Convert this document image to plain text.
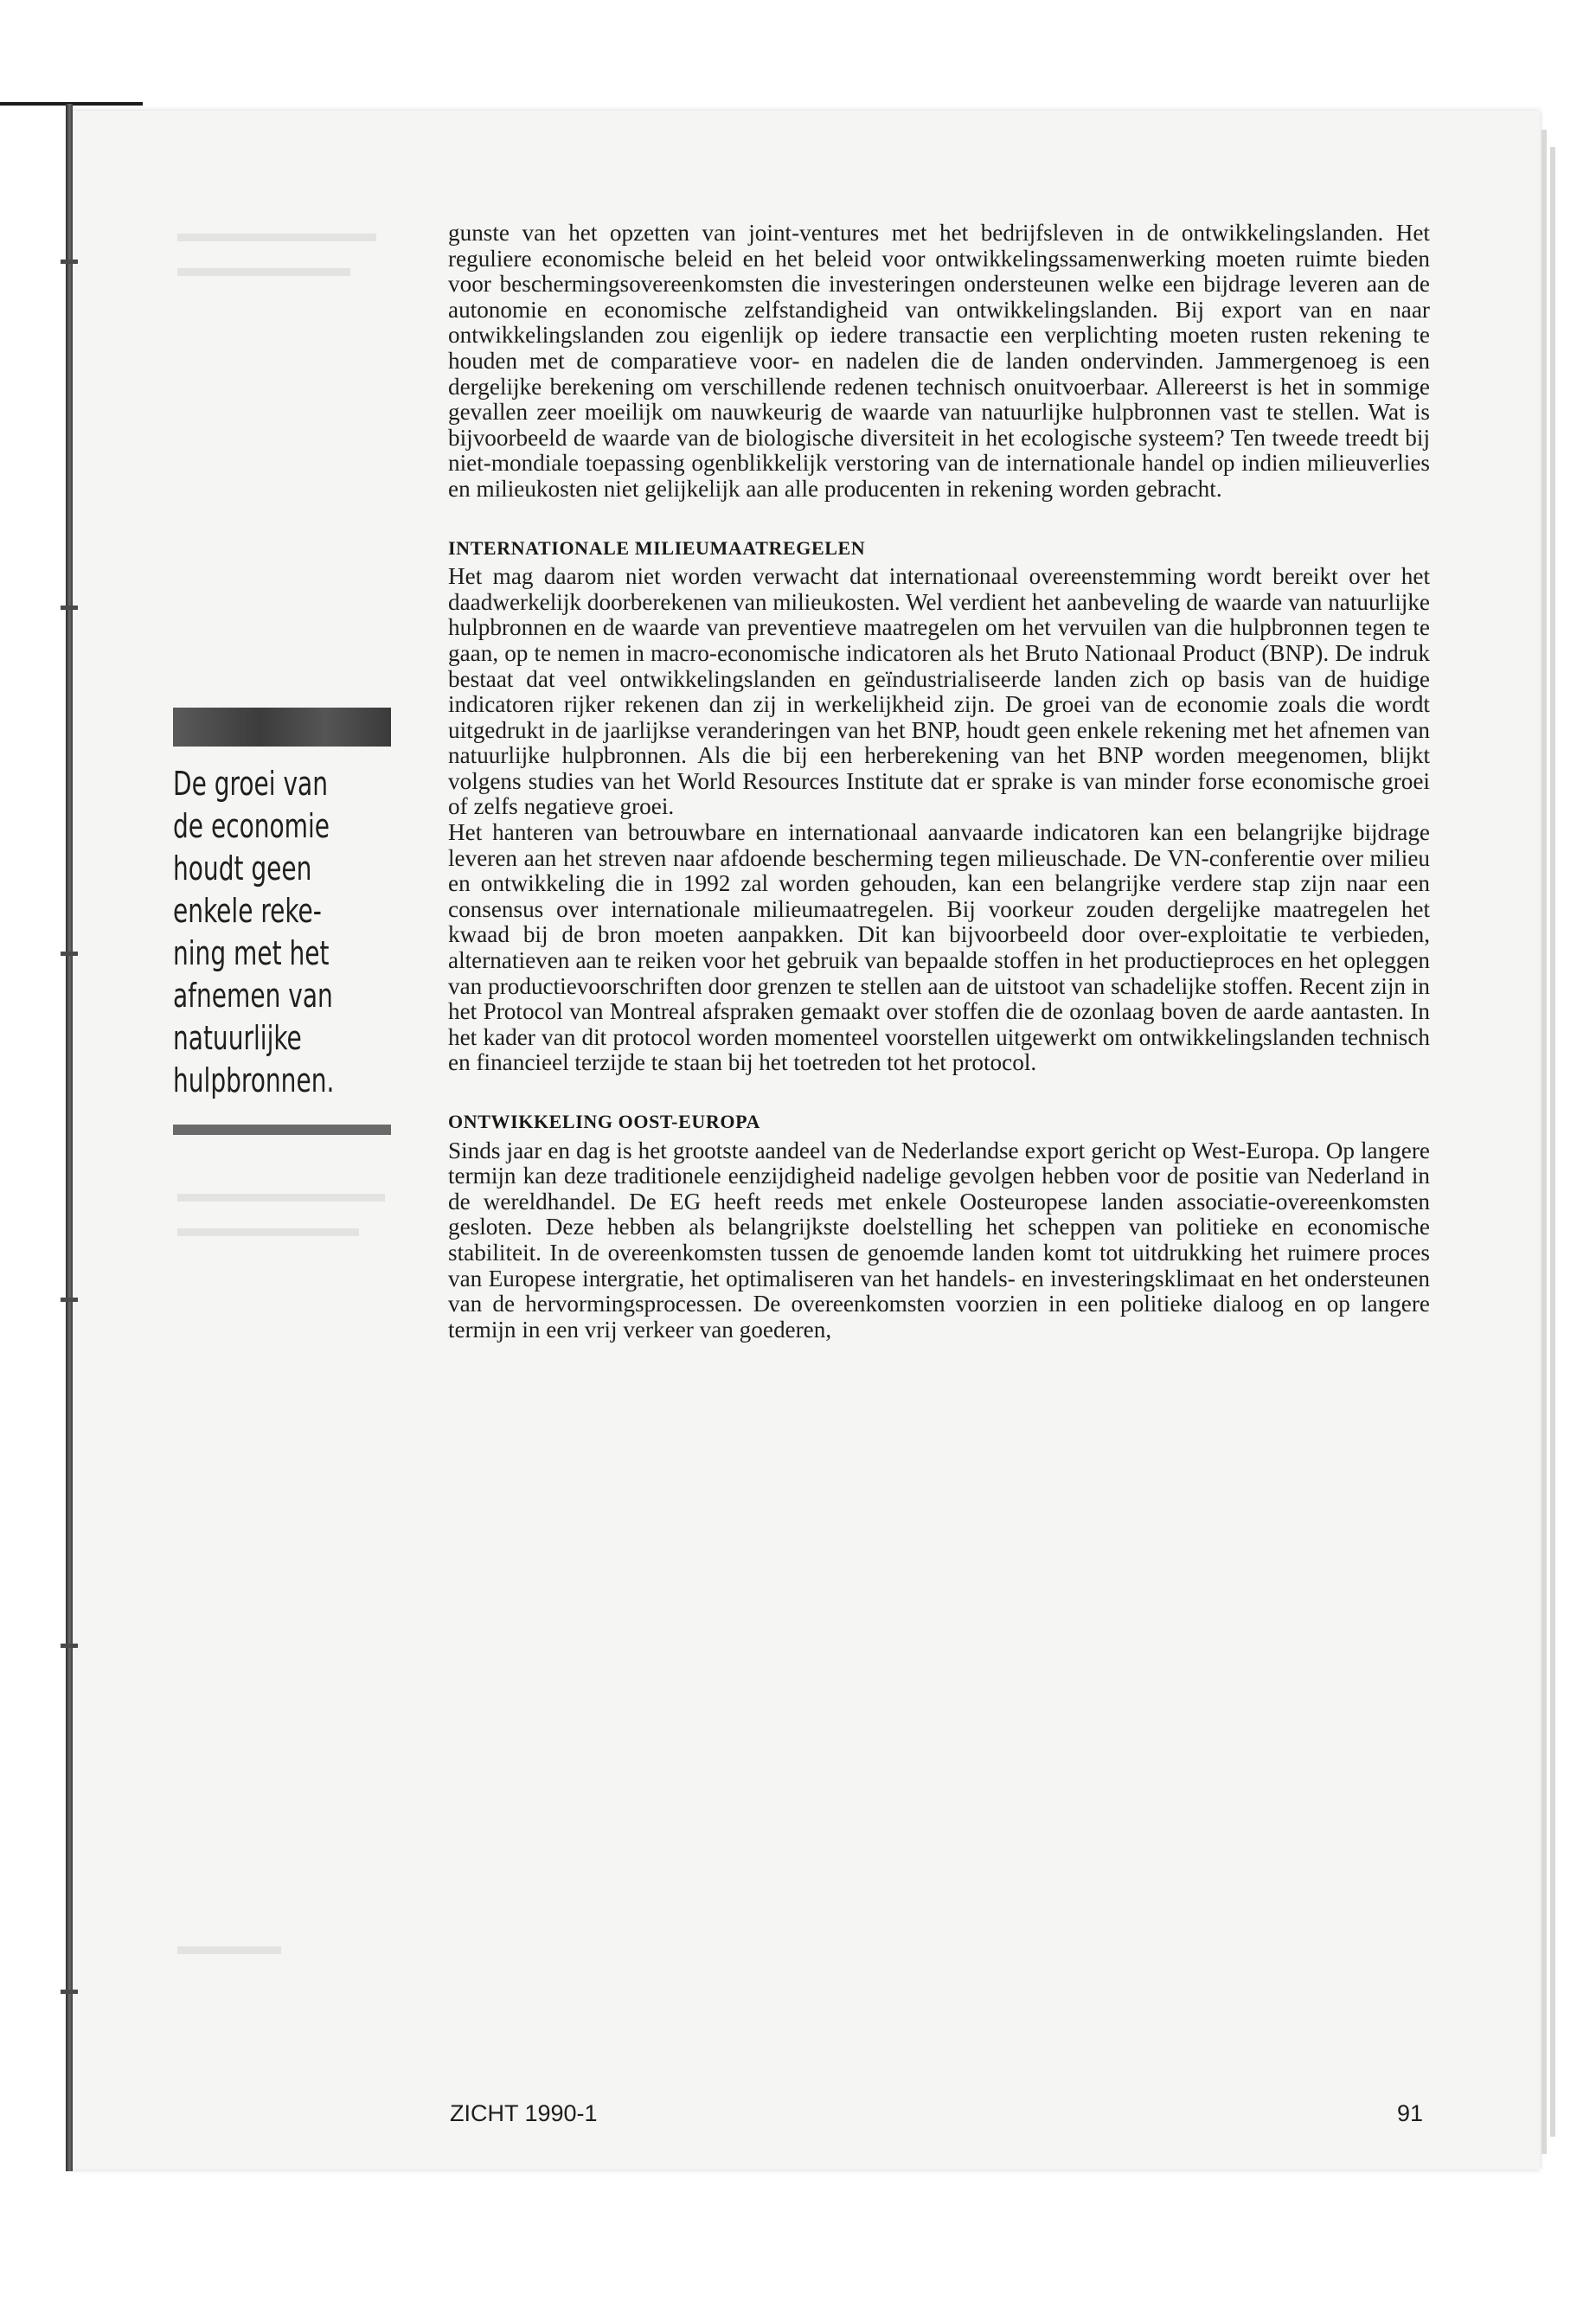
De groei van
de economie
houdt geen
enkele reke-
ning met het
afnemen van
natuurlijke
hulpbronnen.

gunste van het opzetten van joint-ventures met het bedrijfsleven in de ontwikkelingslanden. Het reguliere economische beleid en het beleid voor ontwikkelingssamenwerking moeten ruimte bieden voor beschermingsovereenkomsten die investeringen ondersteunen welke een bijdrage leveren aan de autonomie en economische zelfstandigheid van ontwikkelingslanden. Bij export van en naar ontwikkelingslanden zou eigenlijk op iedere transactie een verplichting moeten rusten rekening te houden met de comparatieve voor- en nadelen die de landen ondervinden. Jammergenoeg is een dergelijke berekening om verschillende redenen technisch onuitvoerbaar. Allereerst is het in sommige gevallen zeer moeilijk om nauwkeurig de waarde van natuurlijke hulpbronnen vast te stellen. Wat is bijvoorbeeld de waarde van de biologische diversiteit in het ecologische systeem? Ten tweede treedt bij niet-mondiale toepassing ogenblikkelijk verstoring van de internationale handel op indien milieuverlies en milieukosten niet gelijkelijk aan alle producenten in rekening worden gebracht.

INTERNATIONALE MILIEUMAATREGELEN

Het mag daarom niet worden verwacht dat internationaal overeenstemming wordt bereikt over het daadwerkelijk doorberekenen van milieukosten. Wel verdient het aanbeveling de waarde van natuurlijke hulpbronnen en de waarde van preventieve maatregelen om het vervuilen van die hulpbronnen tegen te gaan, op te nemen in macro-economische indicatoren als het Bruto Nationaal Product (BNP). De indruk bestaat dat veel ontwikkelingslanden en geïndustrialiseerde landen zich op basis van de huidige indicatoren rijker rekenen dan zij in werkelijkheid zijn. De groei van de economie zoals die wordt uitgedrukt in de jaarlijkse veranderingen van het BNP, houdt geen enkele rekening met het afnemen van natuurlijke hulpbronnen. Als die bij een herberekening van het BNP worden meegenomen, blijkt volgens studies van het World Resources Institute dat er sprake is van minder forse economische groei of zelfs negatieve groei.

Het hanteren van betrouwbare en internationaal aanvaarde indicatoren kan een belangrijke bijdrage leveren aan het streven naar afdoende bescherming tegen milieuschade. De VN-conferentie over milieu en ontwikkeling die in 1992 zal worden gehouden, kan een belangrijke verdere stap zijn naar een consensus over internationale milieumaatregelen. Bij voorkeur zouden dergelijke maatregelen het kwaad bij de bron moeten aanpakken. Dit kan bijvoorbeeld door over-exploitatie te verbieden, alternatieven aan te reiken voor het gebruik van bepaalde stoffen in het productieproces en het opleggen van productievoorschriften door grenzen te stellen aan de uitstoot van schadelijke stoffen. Recent zijn in het Protocol van Montreal afspraken gemaakt over stoffen die de ozonlaag boven de aarde aantasten. In het kader van dit protocol worden momenteel voorstellen uitgewerkt om ontwikkelingslanden technisch en financieel terzijde te staan bij het toetreden tot het protocol.

ONTWIKKELING OOST-EUROPA

Sinds jaar en dag is het grootste aandeel van de Nederlandse export gericht op West-Europa. Op langere termijn kan deze traditionele eenzijdigheid nadelige gevolgen hebben voor de positie van Nederland in de wereldhandel. De EG heeft reeds met enkele Oosteuropese landen associatie-overeenkomsten gesloten. Deze hebben als belangrijkste doelstelling het scheppen van politieke en economische stabiliteit. In de overeenkomsten tussen de genoemde landen komt tot uitdrukking het ruimere proces van Europese intergratie, het optimaliseren van het handels- en investeringsklimaat en het ondersteunen van de hervormingsprocessen. De overeenkomsten voorzien in een politieke dialoog en op langere termijn in een vrij verkeer van goederen,

ZICHT 1990-1	91
